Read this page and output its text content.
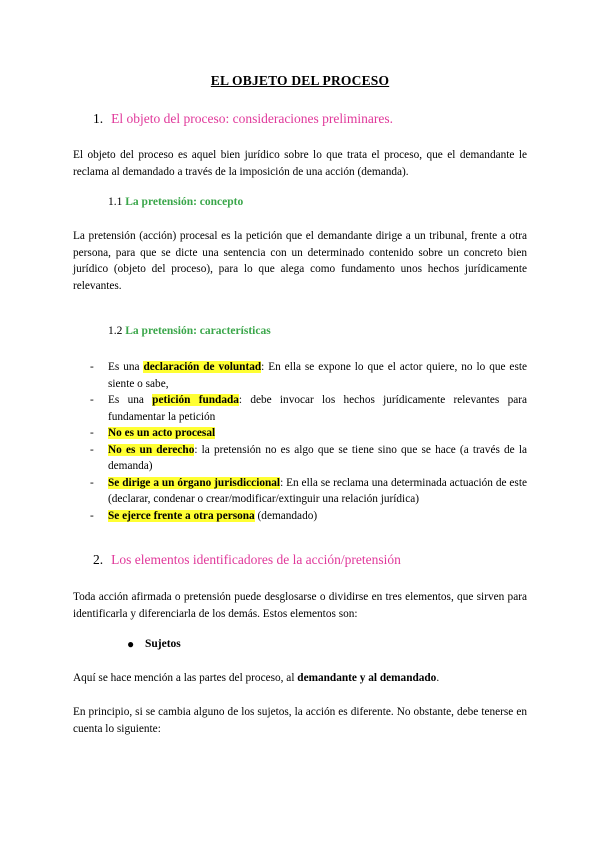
EL OBJETO DEL PROCESO
1. El objeto del proceso: consideraciones preliminares.
El objeto del proceso es aquel bien jurídico sobre lo que trata el proceso, que el demandante le reclama al demandado a través de la imposición de una acción (demanda).
1.1 La pretensión: concepto
La pretensión (acción) procesal es la petición que el demandante dirige a un tribunal, frente a otra persona, para que se dicte una sentencia con un determinado contenido sobre un concreto bien jurídico (objeto del proceso), para lo que alega como fundamento unos hechos jurídicamente relevantes.
1.2 La pretensión: características
- Es una declaración de voluntad: En ella se expone lo que el actor quiere, no lo que este siente o sabe,
- Es una petición fundada: debe invocar los hechos jurídicamente relevantes para fundamentar la petición
- No es un acto procesal
- No es un derecho: la pretensión no es algo que se tiene sino que se hace (a través de la demanda)
- Se dirige a un órgano jurisdiccional: En ella se reclama una determinada actuación de este (declarar, condenar o crear/modificar/extinguir una relación jurídica)
- Se ejerce frente a otra persona (demandado)
2. Los elementos identificadores de la acción/pretensión
Toda acción afirmada o pretensión puede desglosarse o dividirse en tres elementos, que sirven para identificarla y diferenciarla de los demás. Estos elementos son:
● Sujetos
Aquí se hace mención a las partes del proceso, al demandante y al demandado.
En principio, si se cambia alguno de los sujetos, la acción es diferente. No obstante, debe tenerse en cuenta lo siguiente:
